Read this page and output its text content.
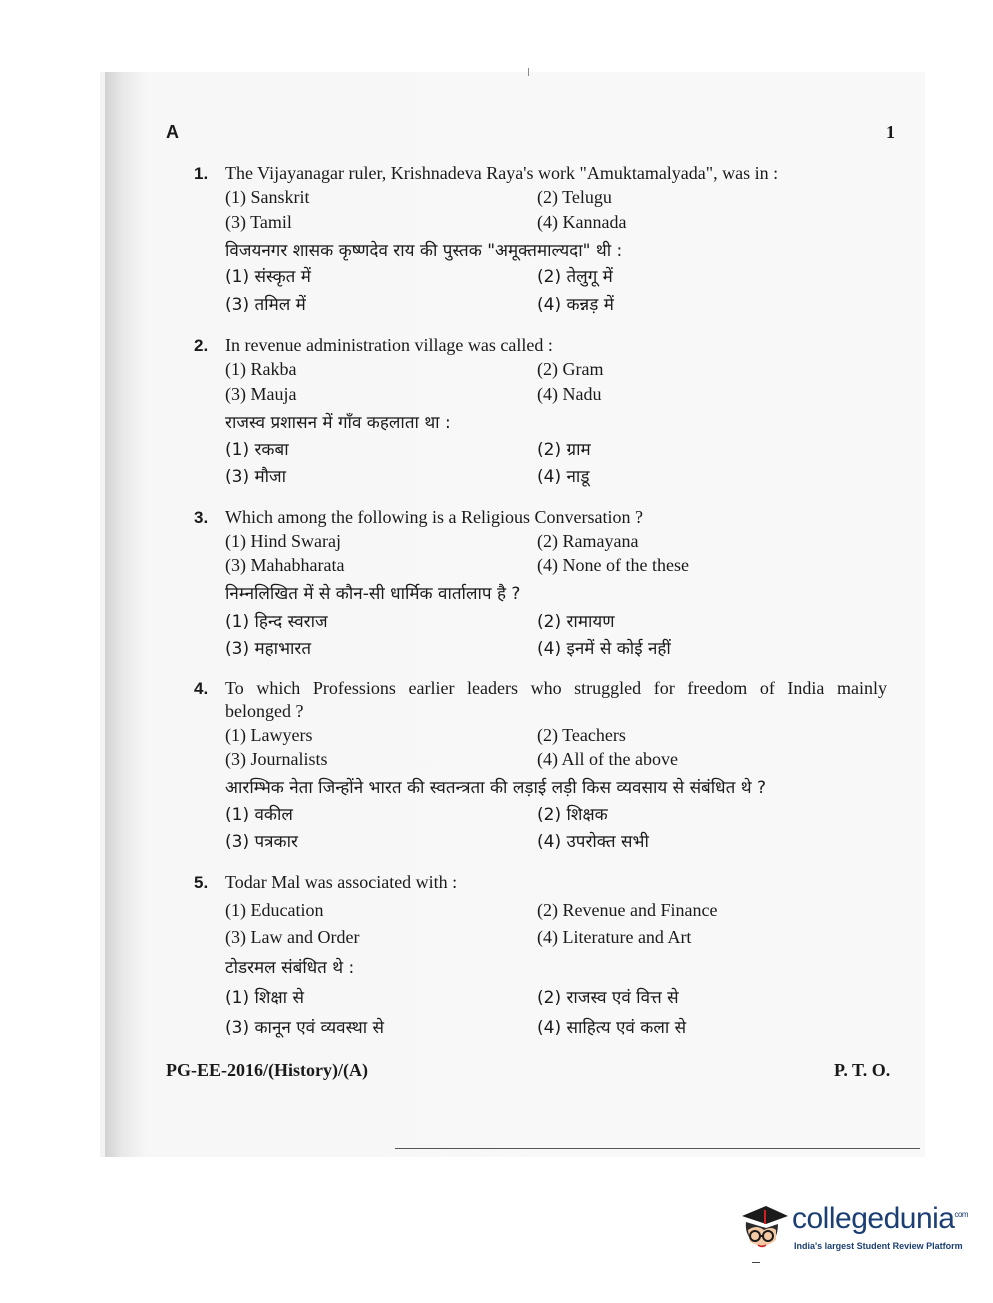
A	1
1. The Vijayanagar ruler, Krishnadeva Raya's work "Amuktamalyada", was in :
(1) Sanskrit	(2) Telugu
(3) Tamil	(4) Kannada
विजयनगर शासक कृष्णदेव राय की पुस्तक "अमूक्तमाल्यदा" थी :
(1) संस्कृत में	(2) तेलुगू में
(3) तमिल में	(4) कन्नड़ में
2. In revenue administration village was called :
(1) Rakba	(2) Gram
(3) Mauja	(4) Nadu
राजस्व प्रशासन में गाँव कहलाता था :
(1) रकबा	(2) ग्राम
(3) मौजा	(4) नाडू
3. Which among the following is a Religious Conversation ?
(1) Hind Swaraj	(2) Ramayana
(3) Mahabharata	(4) None of the these
निम्नलिखित में से कौन-सी धार्मिक वार्तालाप है ?
(1) हिन्द स्वराज	(2) रामायण
(3) महाभारत	(4) इनमें से कोई नहीं
4. To which Professions earlier leaders who struggled for freedom of India mainly
belonged ?
(1) Lawyers	(2) Teachers
(3) Journalists	(4) All of the above
आरम्भिक नेता जिन्होंने भारत की स्वतन्त्रता की लड़ाई लड़ी किस व्यवसाय से संबंधित थे ?
(1) वकील	(2) शिक्षक
(3) पत्रकार	(4) उपरोक्त सभी
5. Todar Mal was associated with :
(1) Education	(2) Revenue and Finance
(3) Law and Order	(4) Literature and Art
टोडरमल संबंधित थे :
(1) शिक्षा से	(2) राजस्व एवं वित्त से
(3) कानून एवं व्यवस्था से	(4) साहित्य एवं कला से
PG-EE-2016/(History)/(A)	P. T. O.
collegedunia$^{com}$
India's largest Student Review Platform
